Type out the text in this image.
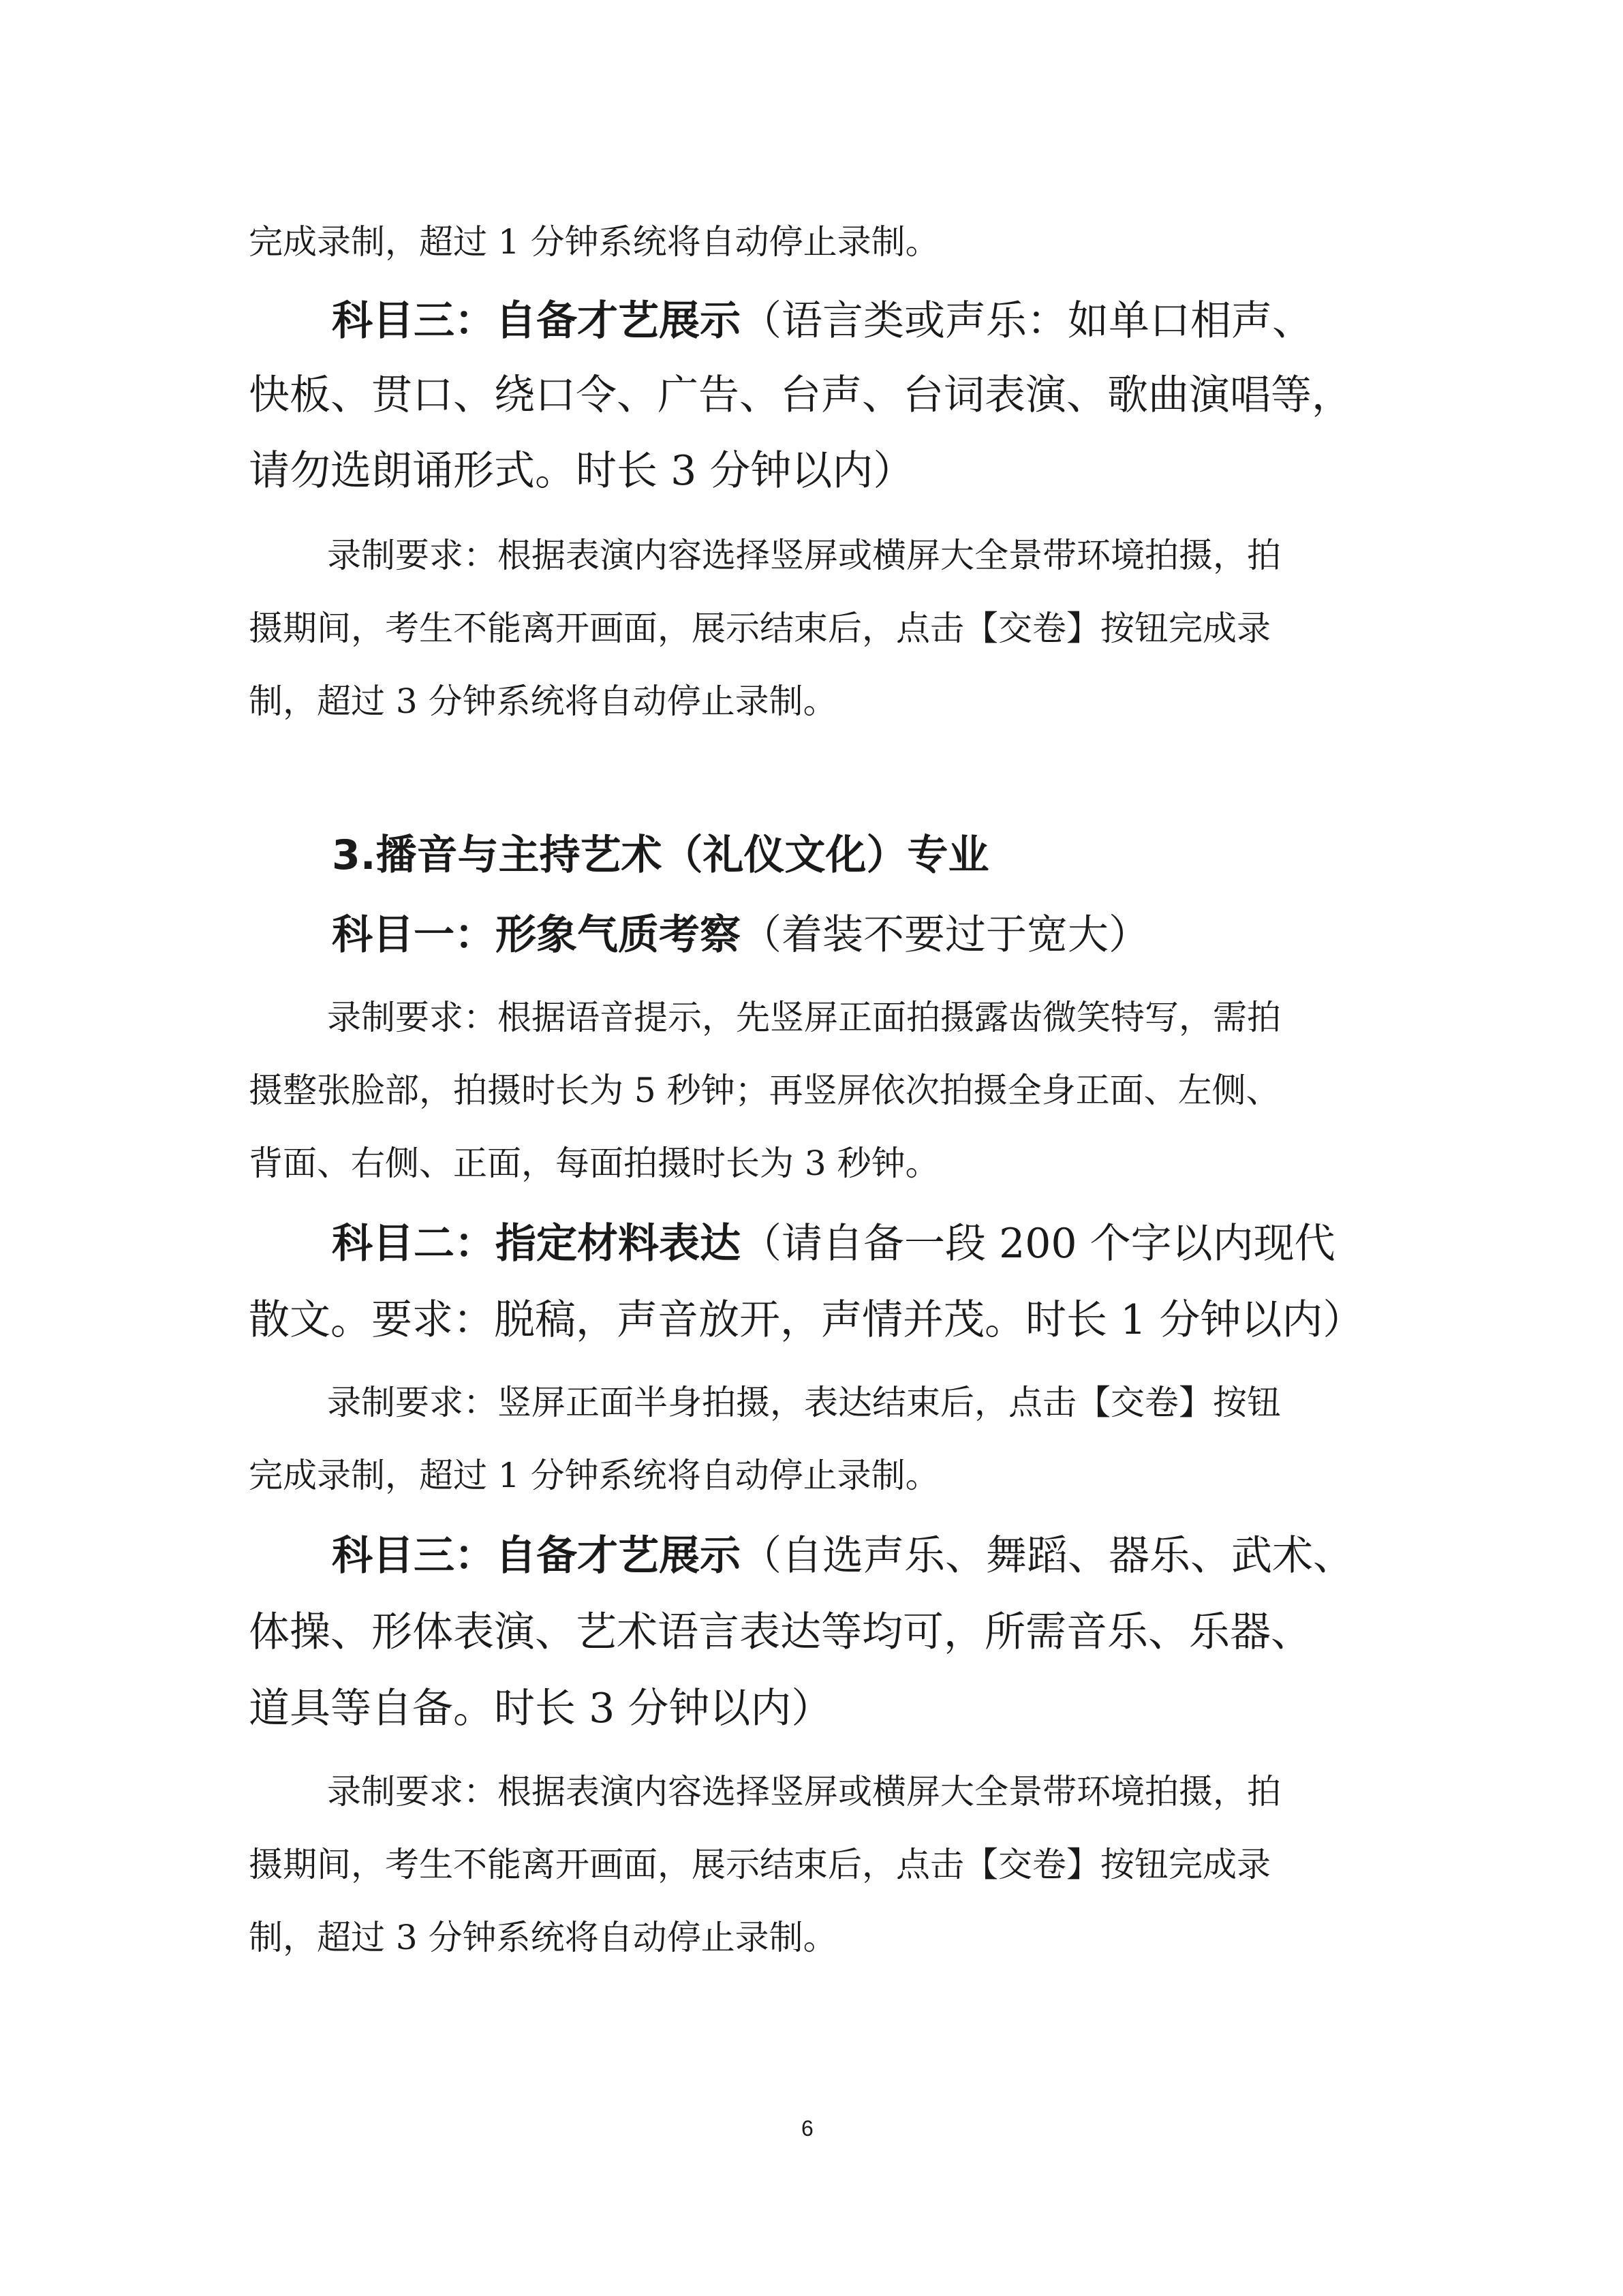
完成录制，超过 1 分钟系统将自动停止录制。
科目三：自备才艺展示（语言类或声乐：如单口相声、
快板、贯口、绕口令、广告、台声、台词表演、歌曲演唱等，
请勿选朗诵形式。时长 3 分钟以内）
录制要求：根据表演内容选择竖屏或横屏大全景带环境拍摄，拍
摄期间，考生不能离开画面，展示结束后，点击【交卷】按钮完成录
制，超过 3 分钟系统将自动停止录制。
3.播音与主持艺术（礼仪文化）专业
科目一：形象气质考察（着装不要过于宽大）
录制要求：根据语音提示，先竖屏正面拍摄露齿微笑特写，需拍
摄整张脸部，拍摄时长为 5 秒钟；再竖屏依次拍摄全身正面、左侧、
背面、右侧、正面，每面拍摄时长为 3 秒钟。
科目二：指定材料表达（请自备一段 200 个字以内现代
散文。要求：脱稿，声音放开，声情并茂。时长 1 分钟以内）
录制要求：竖屏正面半身拍摄，表达结束后，点击【交卷】按钮
完成录制，超过 1 分钟系统将自动停止录制。
科目三：自备才艺展示（自选声乐、舞蹈、器乐、武术、
体操、形体表演、艺术语言表达等均可，所需音乐、乐器、
道具等自备。时长 3 分钟以内）
录制要求：根据表演内容选择竖屏或横屏大全景带环境拍摄，拍
摄期间，考生不能离开画面，展示结束后，点击【交卷】按钮完成录
制，超过 3 分钟系统将自动停止录制。
6
